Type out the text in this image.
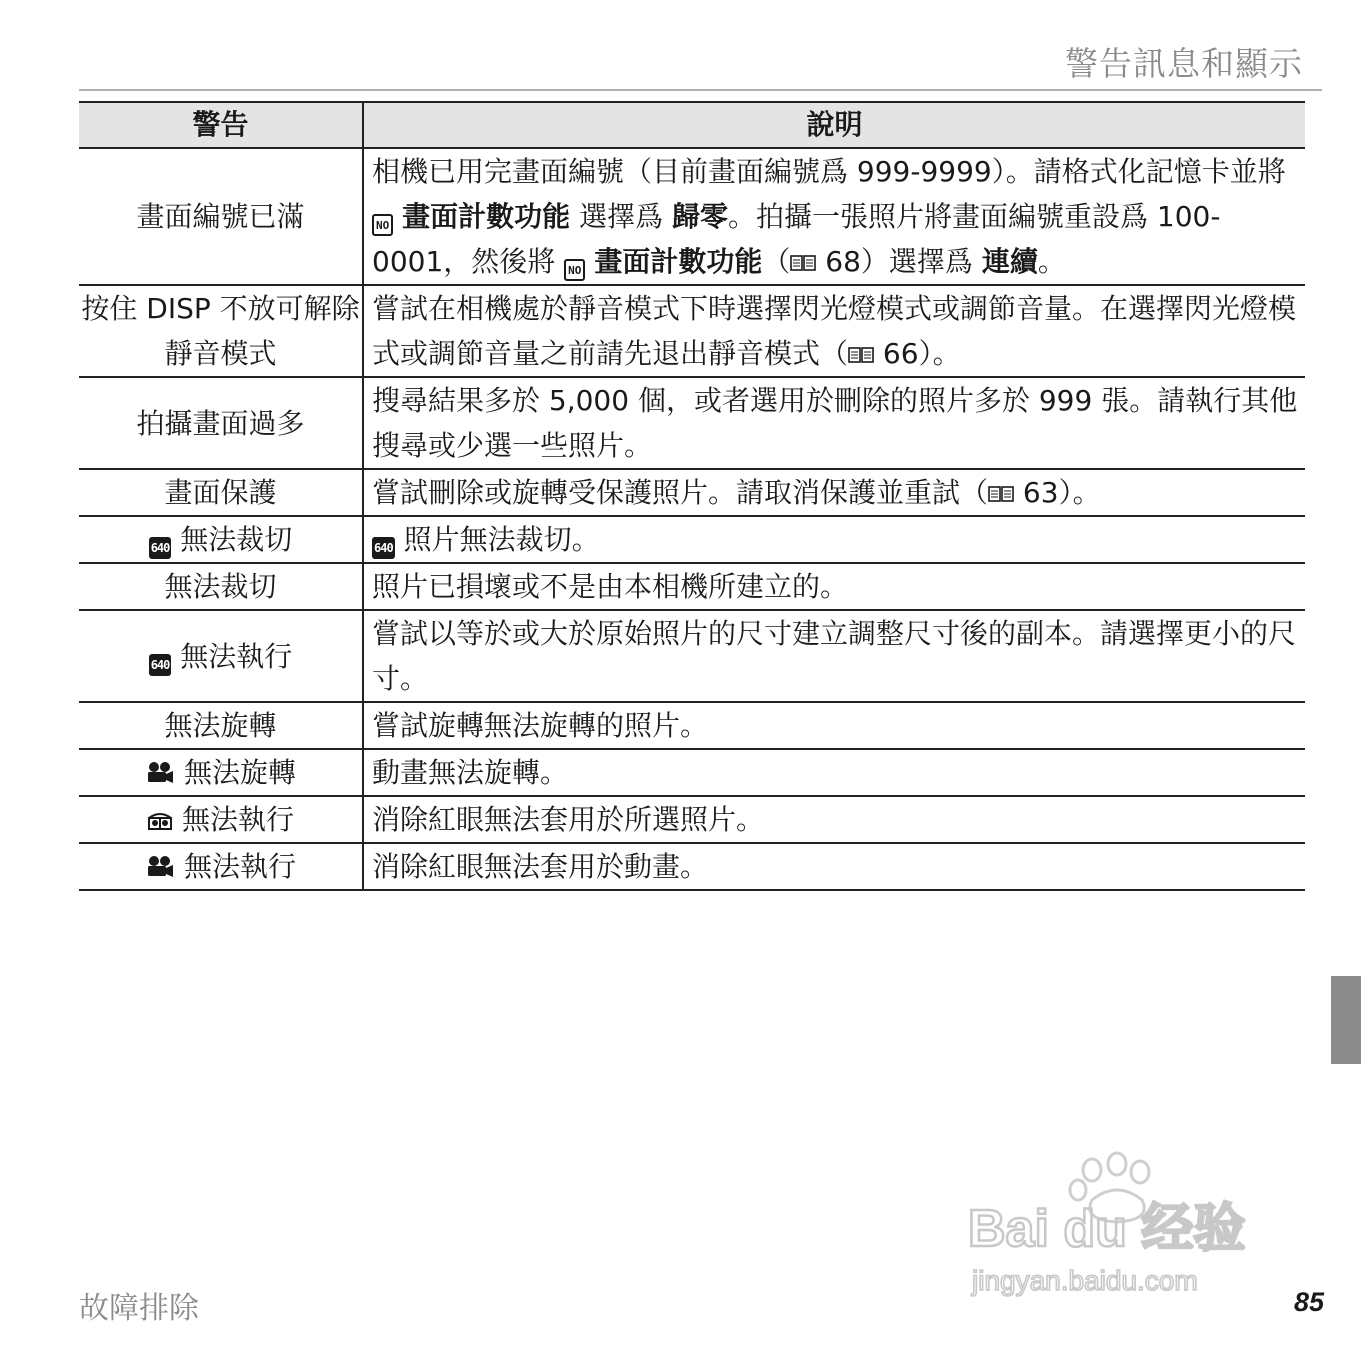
警告訊息和顯示
警告	說明
畫面編號已滿	相機已用完畫面編號（目前畫面編號爲 999-9999）。請格式化記憶卡並將 NO 畫面計數功能 選擇爲 歸零。拍攝一張照片將畫面編號重設爲 100-0001，然後將 NO 畫面計數功能（ 68）選擇爲 連續。
按住 DISP 不放可解除靜音模式	嘗試在相機處於靜音模式下時選擇閃光燈模式或調節音量。在選擇閃光燈模式或調節音量之前請先退出靜音模式（ 66）。
拍攝畫面過多	搜尋結果多於 5,000 個，或者選用於刪除的照片多於 999 張。請執行其他搜尋或少選一些照片。
畫面保護	嘗試刪除或旋轉受保護照片。請取消保護並重試（ 63）。
640 無法裁切	640 照片無法裁切。
無法裁切	照片已損壞或不是由本相機所建立的。
640 無法執行	嘗試以等於或大於原始照片的尺寸建立調整尺寸後的副本。請選擇更小的尺寸。
無法旋轉	嘗試旋轉無法旋轉的照片。
無法旋轉	動畫無法旋轉。
無法執行	消除紅眼無法套用於所選照片。
無法執行	消除紅眼無法套用於動畫。
Bai du 经验
jingyan.baidu.com
故障排除	85
